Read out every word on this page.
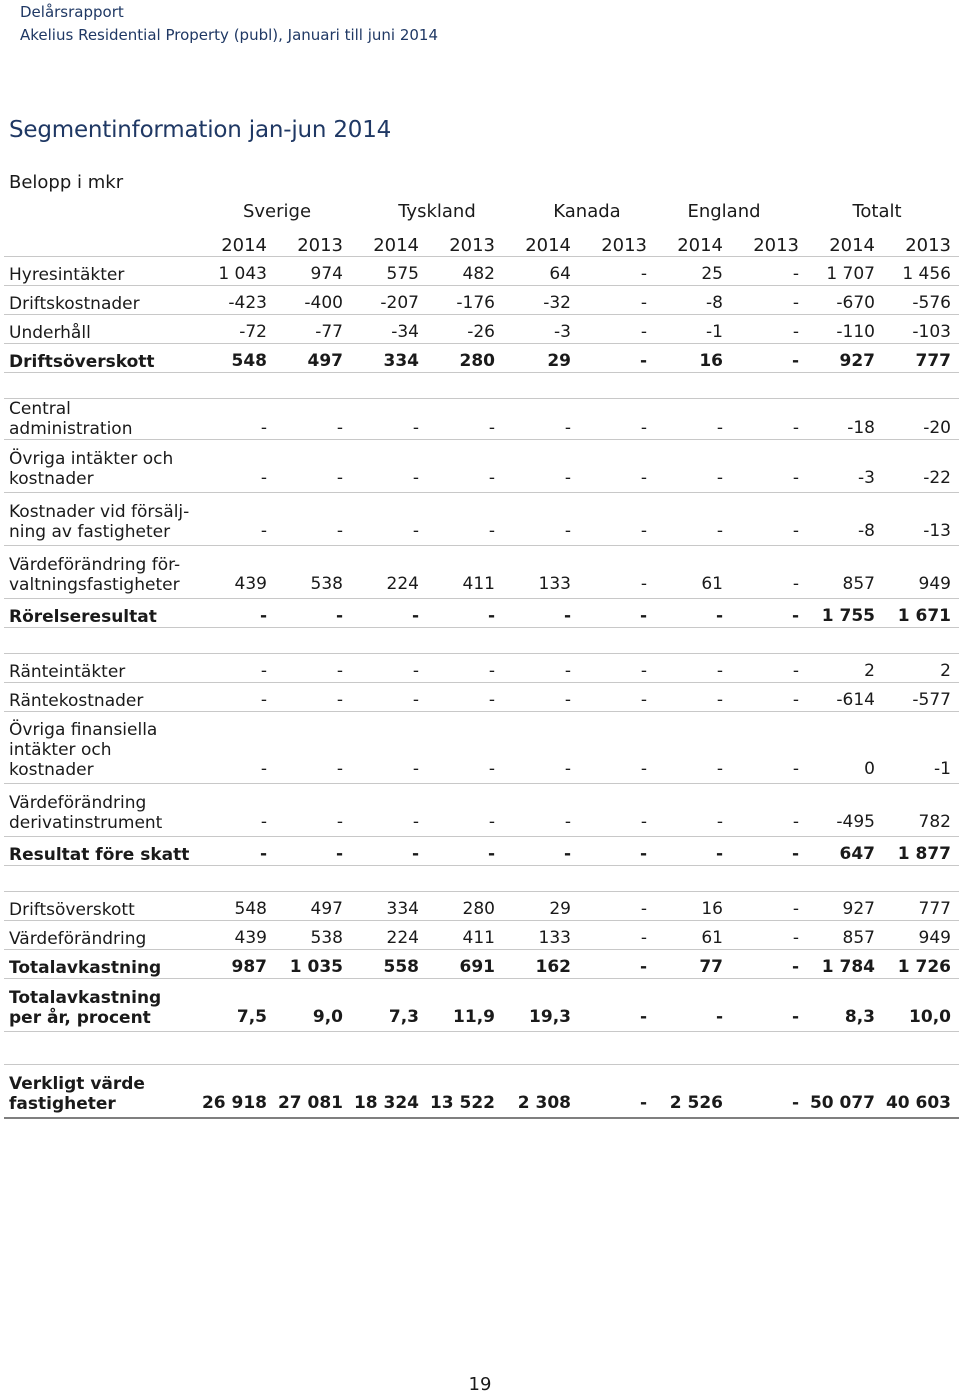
Delårsrapport
Akelius Residential Property (publ), Januari till juni 2014
Segmentinformation jan-jun 2014
Belopp i mkr
Sverige	Tyskland	Kanada	England	Totalt
	2014	2013	2014	2013	2014	2013	2014	2013	2014	2013
Hyresintäkter	1 043	974	575	482	64	-	25	-	1 707	1 456
Driftskostnader	-423	-400	-207	-176	-32	-	-8	-	-670	-576
Underhåll	-72	-77	-34	-26	-3	-	-1	-	-110	-103
Driftsöverskott	548	497	334	280	29	-	16	-	927	777

Central administration	-	-	-	-	-	-	-	-	-18	-20
Övriga intäkter och kostnader	-	-	-	-	-	-	-	-	-3	-22
Kostnader vid försälj-ning av fastigheter	-	-	-	-	-	-	-	-	-8	-13
Värdeförändring för-valtningsfastigheter	439	538	224	411	133	-	61	-	857	949
Rörelseresultat	-	-	-	-	-	-	-	-	1 755	1 671

Ränteintäkter	-	-	-	-	-	-	-	-	2	2
Räntekostnader	-	-	-	-	-	-	-	-	-614	-577
Övriga finansiella intäkter och kostnader	-	-	-	-	-	-	-	-	0	-1
Värdeförändring derivatinstrument	-	-	-	-	-	-	-	-	-495	782
Resultat före skatt	-	-	-	-	-	-	-	-	647	1 877

Driftsöverskott	548	497	334	280	29	-	16	-	927	777
Värdeförändring	439	538	224	411	133	-	61	-	857	949
Totalavkastning	987	1 035	558	691	162	-	77	-	1 784	1 726
Totalavkastning per år, procent	7,5	9,0	7,3	11,9	19,3	-	-	-	8,3	10,0

Verkligt värde fastigheter	26 918	27 081	18 324	13 522	2 308	-	2 526	-	50 077	40 603
19
